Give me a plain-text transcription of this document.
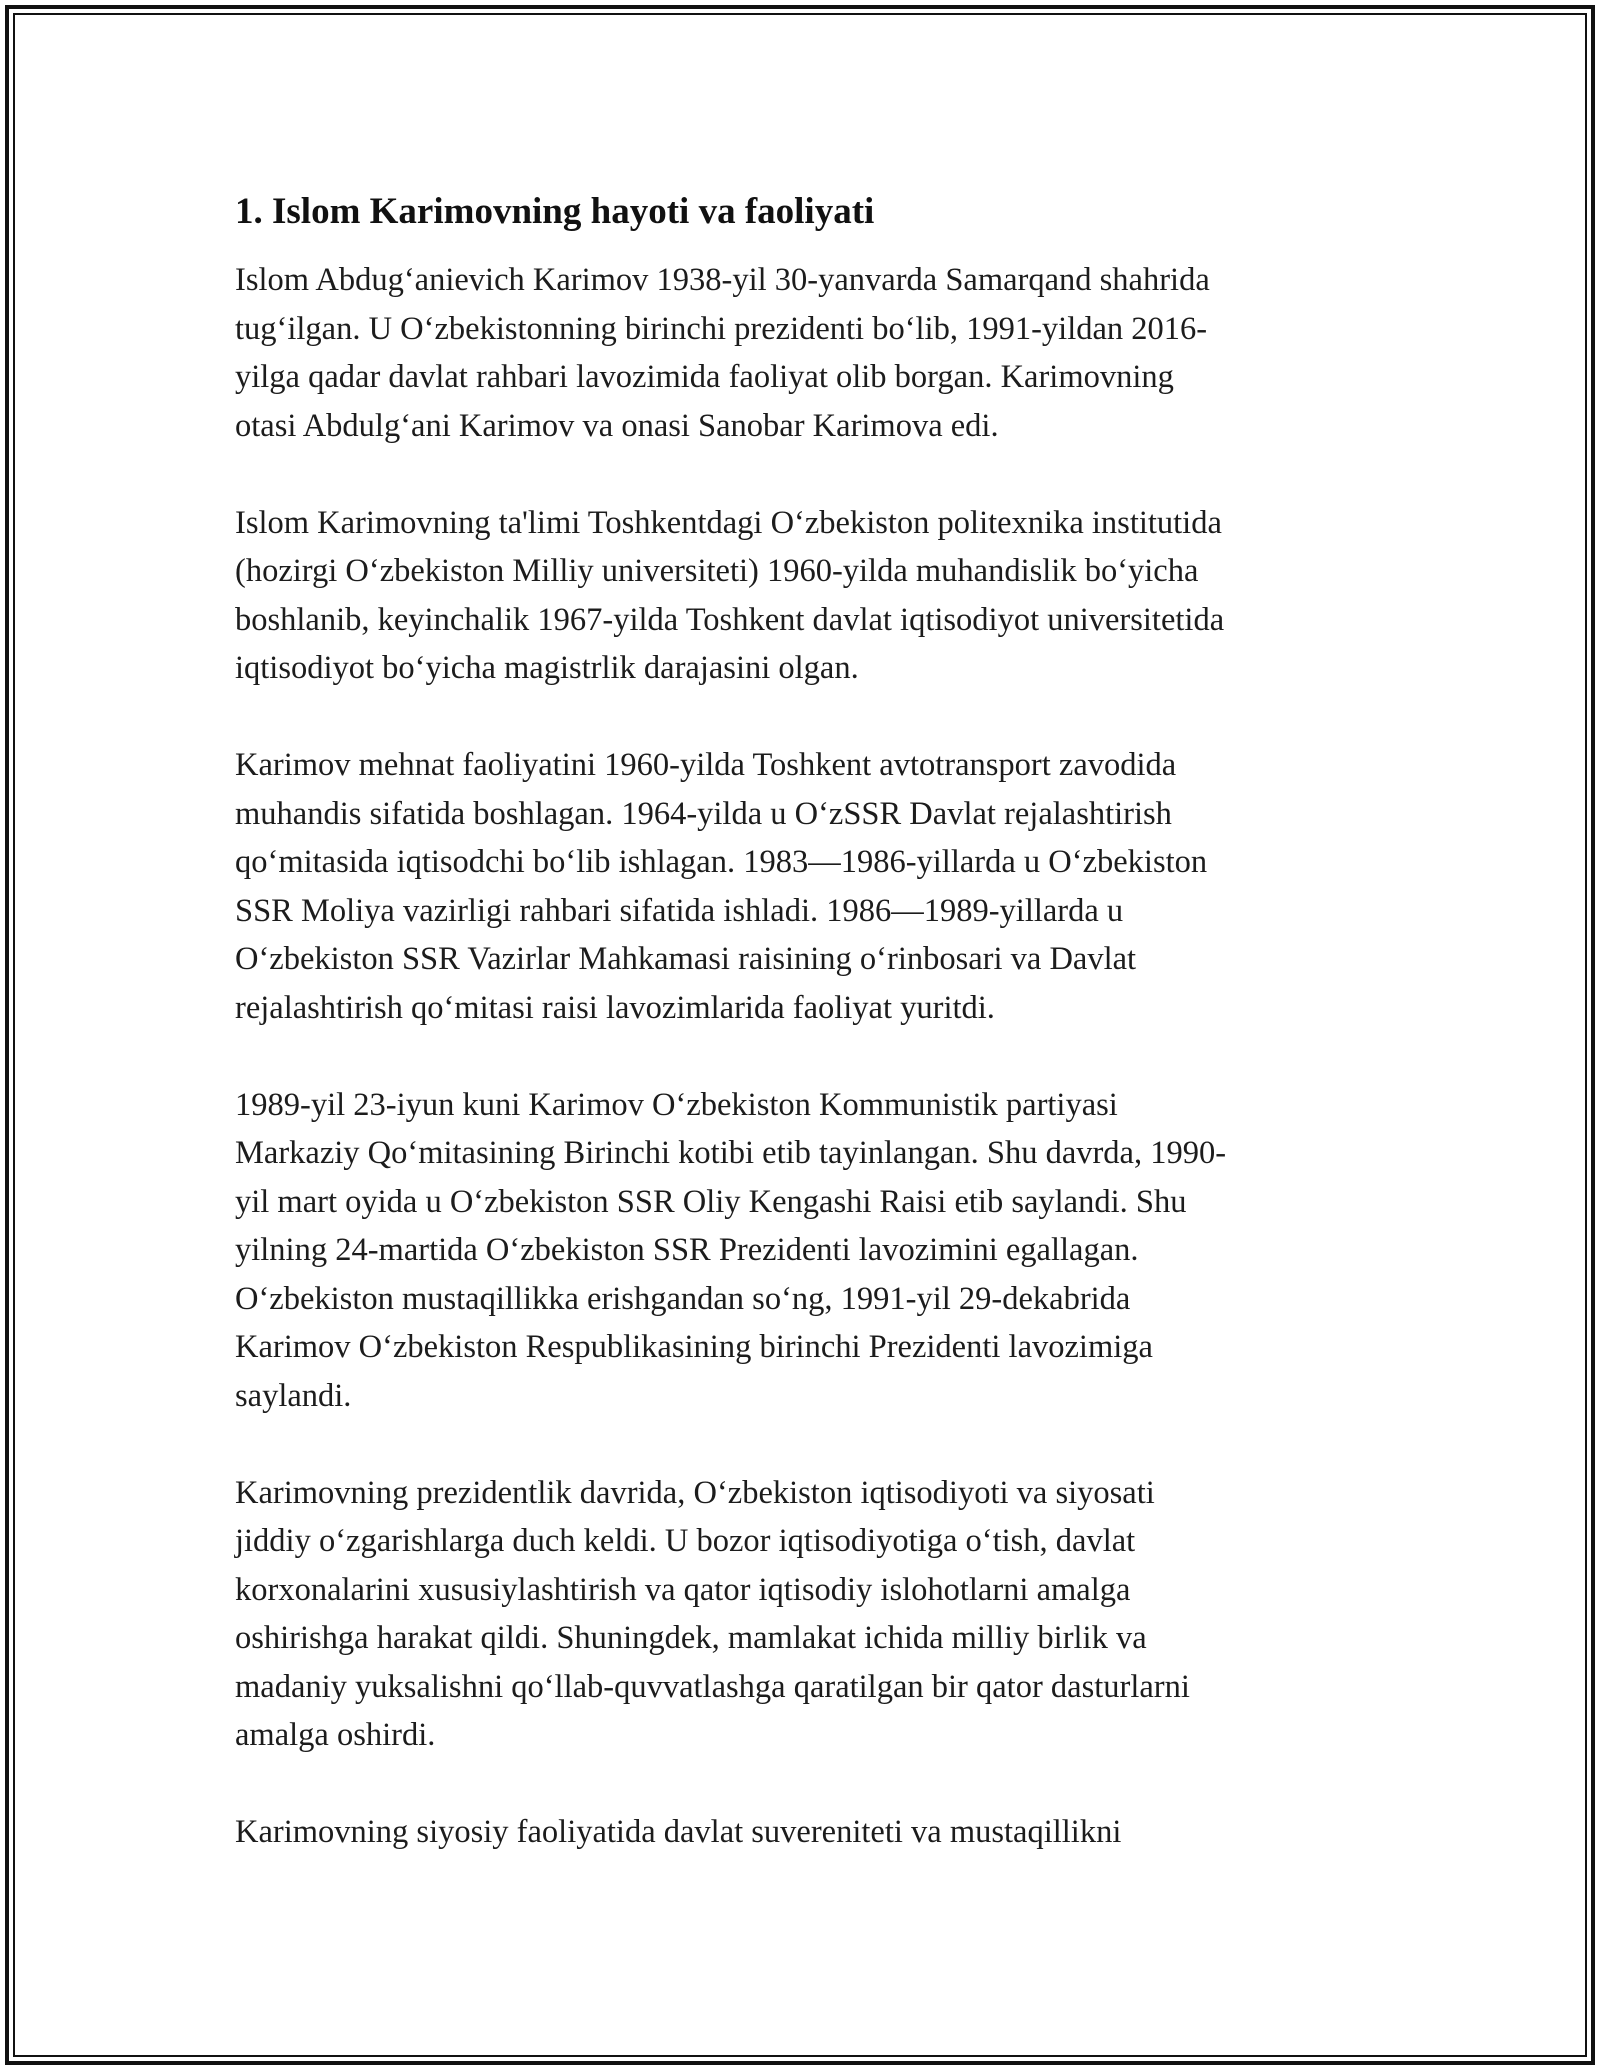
1. Islom Karimovning hayoti va faoliyati

Islom Abdug‘anievich Karimov 1938-yil 30-yanvarda Samarqand shahrida
tug‘ilgan. U O‘zbekistonning birinchi prezidenti bo‘lib, 1991-yildan 2016-
yilga qadar davlat rahbari lavozimida faoliyat olib borgan. Karimovning
otasi Abdulg‘ani Karimov va onasi Sanobar Karimova edi.

Islom Karimovning ta'limi Toshkentdagi O‘zbekiston politexnika institutida
(hozirgi O‘zbekiston Milliy universiteti) 1960-yilda muhandislik bo‘yicha
boshlanib, keyinchalik 1967-yilda Toshkent davlat iqtisodiyot universitetida
iqtisodiyot bo‘yicha magistrlik darajasini olgan.

Karimov mehnat faoliyatini 1960-yilda Toshkent avtotransport zavodida
muhandis sifatida boshlagan. 1964-yilda u O‘zSSR Davlat rejalashtirish
qo‘mitasida iqtisodchi bo‘lib ishlagan. 1983—1986-yillarda u O‘zbekiston
SSR Moliya vazirligi rahbari sifatida ishladi. 1986—1989-yillarda u
O‘zbekiston SSR Vazirlar Mahkamasi raisining o‘rinbosari va Davlat
rejalashtirish qo‘mitasi raisi lavozimlarida faoliyat yuritdi.

1989-yil 23-iyun kuni Karimov O‘zbekiston Kommunistik partiyasi
Markaziy Qo‘mitasining Birinchi kotibi etib tayinlangan. Shu davrda, 1990-
yil mart oyida u O‘zbekiston SSR Oliy Kengashi Raisi etib saylandi. Shu
yilning 24-martida O‘zbekiston SSR Prezidenti lavozimini egallagan.
O‘zbekiston mustaqillikka erishgandan so‘ng, 1991-yil 29-dekabrida
Karimov O‘zbekiston Respublikasining birinchi Prezidenti lavozimiga
saylandi.

Karimovning prezidentlik davrida, O‘zbekiston iqtisodiyoti va siyosati
jiddiy o‘zgarishlarga duch keldi. U bozor iqtisodiyotiga o‘tish, davlat
korxonalarini xususiylashtirish va qator iqtisodiy islohotlarni amalga
oshirishga harakat qildi. Shuningdek, mamlakat ichida milliy birlik va
madaniy yuksalishni qo‘llab-quvvatlashga qaratilgan bir qator dasturlarni
amalga oshirdi.

Karimovning siyosiy faoliyatida davlat suvereniteti va mustaqillikni
